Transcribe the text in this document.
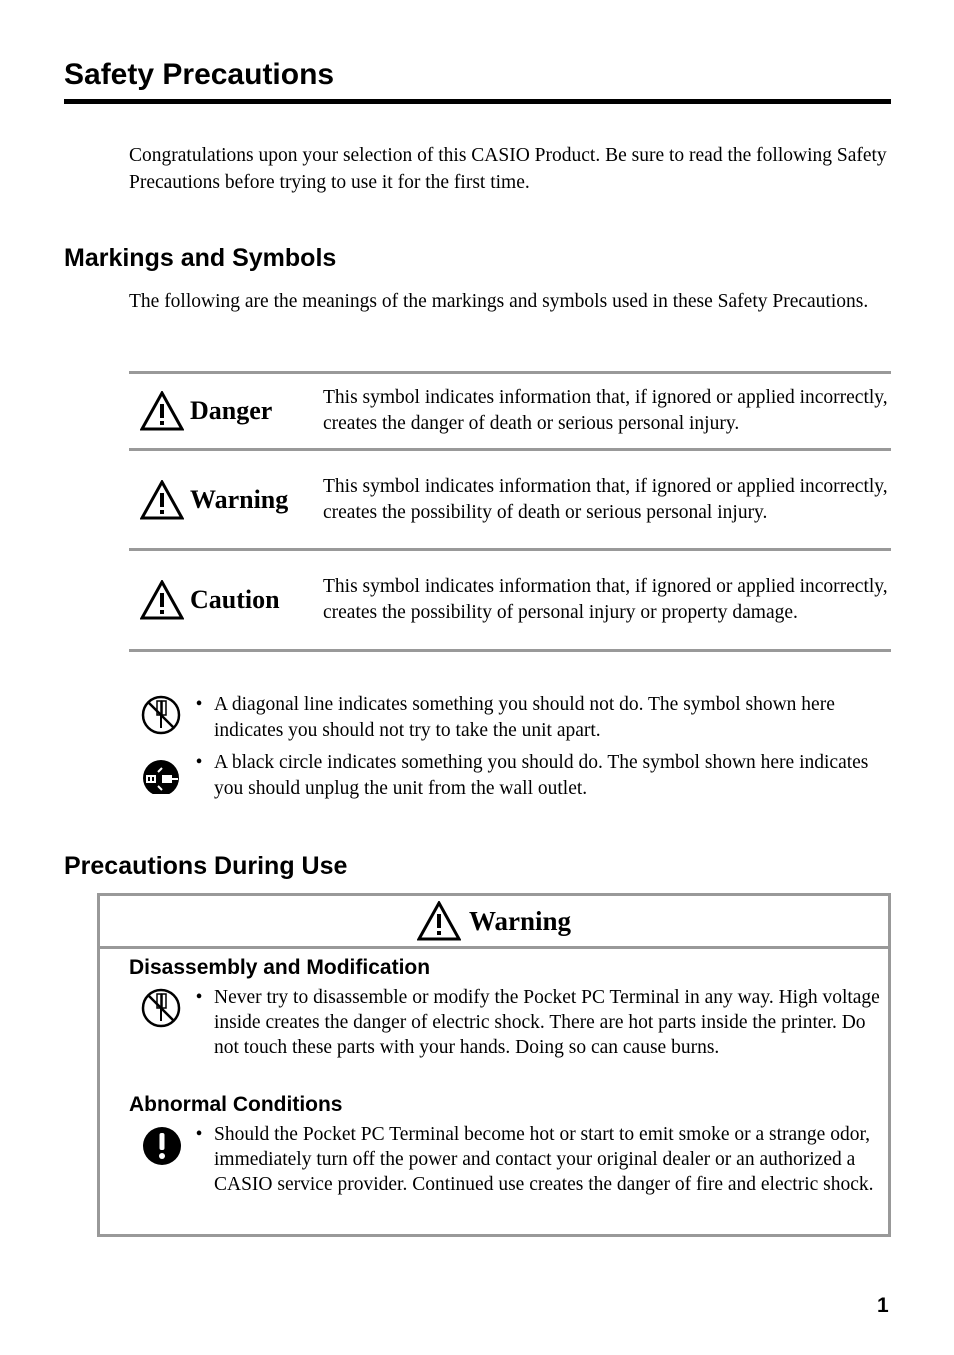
Safety Precautions

Congratulations upon your selection of this CASIO Product. Be sure to read the following Safety Precautions before trying to use it for the first time.

Markings and Symbols

The following are the meanings of the markings and symbols used in these Safety Precautions.

Danger	This symbol indicates information that, if ignored or applied incorrectly, creates the danger of death or serious personal injury.
Warning This symbol indicates information that, if ignored or applied incorrectly, creates the possibility of death or serious personal injury.
Caution This symbol indicates information that, if ignored or applied incorrectly, creates the possibility of personal injury or property damage.
• A diagonal line indicates something you should not do. The symbol shown here indicates you should not try to take the unit apart.
• A black circle indicates something you should do. The symbol shown here indicates you should unplug the unit from the wall outlet.
Precautions During Use
Warning
Disassembly and Modification
• Never try to disassemble or modify the Pocket PC Terminal in any way. High voltage inside creates the danger of electric shock. There are hot parts inside the printer. Do not touch these parts with your hands. Doing so can cause burns.
Abnormal Conditions
• Should the Pocket PC Terminal become hot or start to emit smoke or a strange odor, immediately turn off the power and contact your original dealer or an authorized a CASIO service provider. Continued use creates the danger of fire and electric shock.
1
